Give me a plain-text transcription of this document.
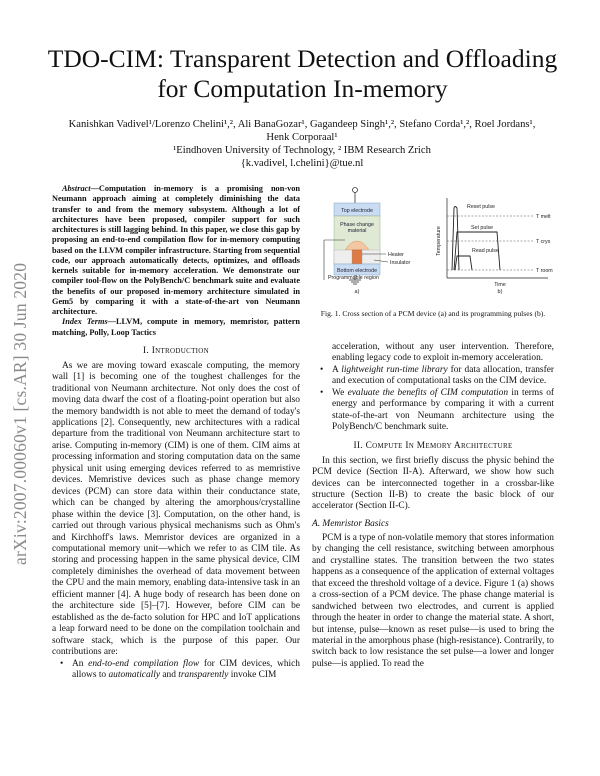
arXiv:2007.00060v1 [cs.AR] 30 Jun 2020
TDO-CIM: Transparent Detection and Offloading
for Computation In-memory
Kanishkan Vadivel¹/Lorenzo Chelini¹,², Ali BanaGozar¹, Gagandeep Singh¹,², Stefano Corda¹,², Roel Jordans¹,
Henk Corporaal¹
¹Eindhoven University of Technology, ² IBM Research Zrich
{k.vadivel, l.chelini}@tue.nl

Abstract—Computation in-memory is a promising non-von Neumann approach aiming at completely diminishing the data transfer to and from the memory subsystem. Although a lot of architectures have been proposed, compiler support for such architectures is still lagging behind. In this paper, we close this gap by proposing an end-to-end compilation flow for in-memory computing based on the LLVM compiler infrastructure. Starting from sequential code, our approach automatically detects, optimizes, and offloads kernels suitable for in-memory acceleration. We demonstrate our compiler tool-flow on the PolyBench/C benchmark suite and evaluate the benefits of our proposed in-memory architecture simulated in Gem5 by comparing it with a state-of-the-art von Neumann architecture.

Index Terms—LLVM, compute in memory, memristor, pattern matching, Polly, Loop Tactics

I. Introduction

As we are moving toward exascale computing, the memory wall [1] is becoming one of the toughest challenges for the traditional von Neumann architecture. Not only does the cost of moving data dwarf the cost of a floating-point operation but also the memory bandwidth is not able to meet the demand of today's applications [2]. Consequently, new architectures with a radical departure from the traditional von Neumann architecture start to arise. Computing in-memory (CIM) is one of them. CIM aims at processing information and storing computation data on the same physical unit using emerging devices referred to as memristive devices. Memristive devices such as phase change memory devices (PCM) can store data within their conductance state, which can be changed by altering the amorphous/crystalline phase within the device [3]. Computation, on the other hand, is carried out through various physical mechanisms such as Ohm's and Kirchhoff's laws. Memristor devices are organized in a computational memory unit—which we refer to as CIM tile. As storing and processing happen in the same physical device, CIM completely diminishes the overhead of data movement between the CPU and the main memory, enabling data-intensive task in an efficient manner [4]. A huge body of research has been done on the architecture side [5]–[7]. However, before CIM can be established as the de-facto solution for HPC and IoT applications a leap forward need to be done on the compilation toolchain and software stack, which is the purpose of this paper. Our contributions are:

• An end-to-end compilation flow for CIM devices, which allows to automatically and transparently invoke CIM
Top electrode
Phase change
material
Bottom electrode
Programmable region
Heater
Insulator
a)
Temperature
Time
T melt
T crys
T room
Reset pulse
Set pulse
Read pulse
b)
Fig. 1. Cross section of a PCM device (a) and its programming pulses (b).

acceleration, without any user intervention. Therefore, enabling legacy code to exploit in-memory acceleration.

• A lightweight run-time library for data allocation, transfer and execution of computational tasks on the CIM device.
• We evaluate the benefits of CIM computation in terms of energy and performance by comparing it with a current state-of-the-art von Neumann architecture using the PolyBench/C benchmark suite.

II. Compute In Memory Architecture

In this section, we first briefly discuss the physic behind the PCM device (Section II-A). Afterward, we show how such devices can be interconnected together in a crossbar-like structure (Section II-B) to create the basic block of our accelerator (Section II-C).

A. Memristor Basics

PCM is a type of non-volatile memory that stores information by changing the cell resistance, switching between amorphous and crystalline states. The transition between the two states happens as a consequence of the application of external voltages that exceed the threshold voltage of a device. Figure 1 (a) shows a cross-section of a PCM device. The phase change material is sandwiched between two electrodes, and current is applied through the heater in order to change the material state. A short, but intense, pulse—known as reset pulse—is used to bring the material in the amorphous phase (high-resistance). Contrarily, to switch back to low resistance the set pulse—a lower and longer pulse—is applied. To read the
